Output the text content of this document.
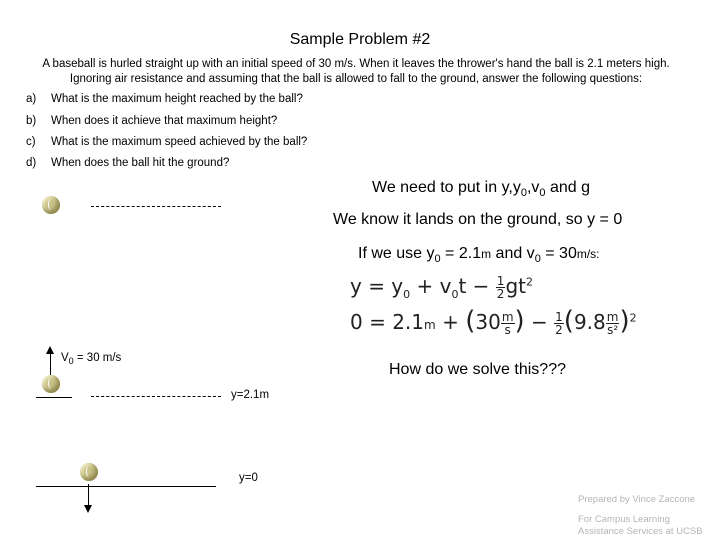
Sample Problem #2
A baseball is hurled straight up with an initial speed of 30 m/s. When it leaves the thrower's hand the ball is 2.1 meters high. Ignoring air resistance and assuming that the ball is allowed to fall to the ground, answer the following questions:
a) What is the maximum height reached by the ball?
b) When does it achieve that maximum height?
c) What is the maximum speed achieved by the ball?
d) When does the ball hit the ground?
We need to put in $y,y_0,v_0$ and g
We know it lands on the ground, so y = 0
If we use $y_0 = 2.1m$ and $v_0 = 30m/s$:
$y = y_0 + v_0t - \frac{1}{2} gt^2$
$0 = 2.1m + (30 \frac{m}{s}$ ) − $\frac{1}{2} (9.8 \frac{m}{\text{s²}} )^2$
$V_0 = 30$ m/s
y=2.1m
How do we solve this???
y=0
Prepared by Vince Zaccone
For Campus Learning
Assistance Services at UCSB
